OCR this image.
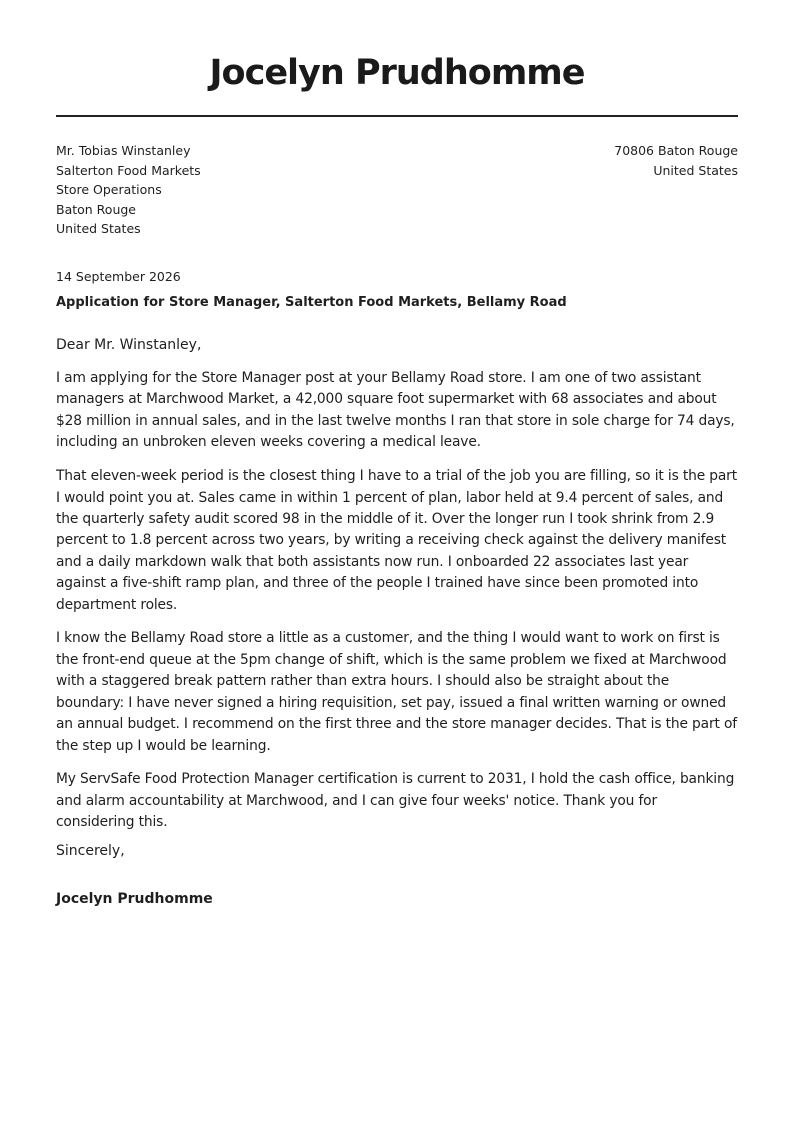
Jocelyn Prudhomme
Mr. Tobias Winstanley
Salterton Food Markets
Store Operations
Baton Rouge
United States
70806 Baton Rouge
United States
14 September 2026
Application for Store Manager, Salterton Food Markets, Bellamy Road
Dear Mr. Winstanley,

I am applying for the Store Manager post at your Bellamy Road store. I am one of two assistant managers at Marchwood Market, a 42,000 square foot supermarket with 68 associates and about $28 million in annual sales, and in the last twelve months I ran that store in sole charge for 74 days, including an unbroken eleven weeks covering a medical leave.

That eleven-week period is the closest thing I have to a trial of the job you are filling, so it is the part I would point you at. Sales came in within 1 percent of plan, labor held at 9.4 percent of sales, and the quarterly safety audit scored 98 in the middle of it. Over the longer run I took shrink from 2.9 percent to 1.8 percent across two years, by writing a receiving check against the delivery manifest and a daily markdown walk that both assistants now run. I onboarded 22 associates last year against a five-shift ramp plan, and three of the people I trained have since been promoted into department roles.

I know the Bellamy Road store a little as a customer, and the thing I would want to work on first is the front-end queue at the 5pm change of shift, which is the same problem we fixed at Marchwood with a staggered break pattern rather than extra hours. I should also be straight about the boundary: I have never signed a hiring requisition, set pay, issued a final written warning or owned an annual budget. I recommend on the first three and the store manager decides. That is the part of the step up I would be learning.

My ServSafe Food Protection Manager certification is current to 2031, I hold the cash office, banking and alarm accountability at Marchwood, and I can give four weeks' notice. Thank you for considering this.

Sincerely,
Jocelyn Prudhomme
